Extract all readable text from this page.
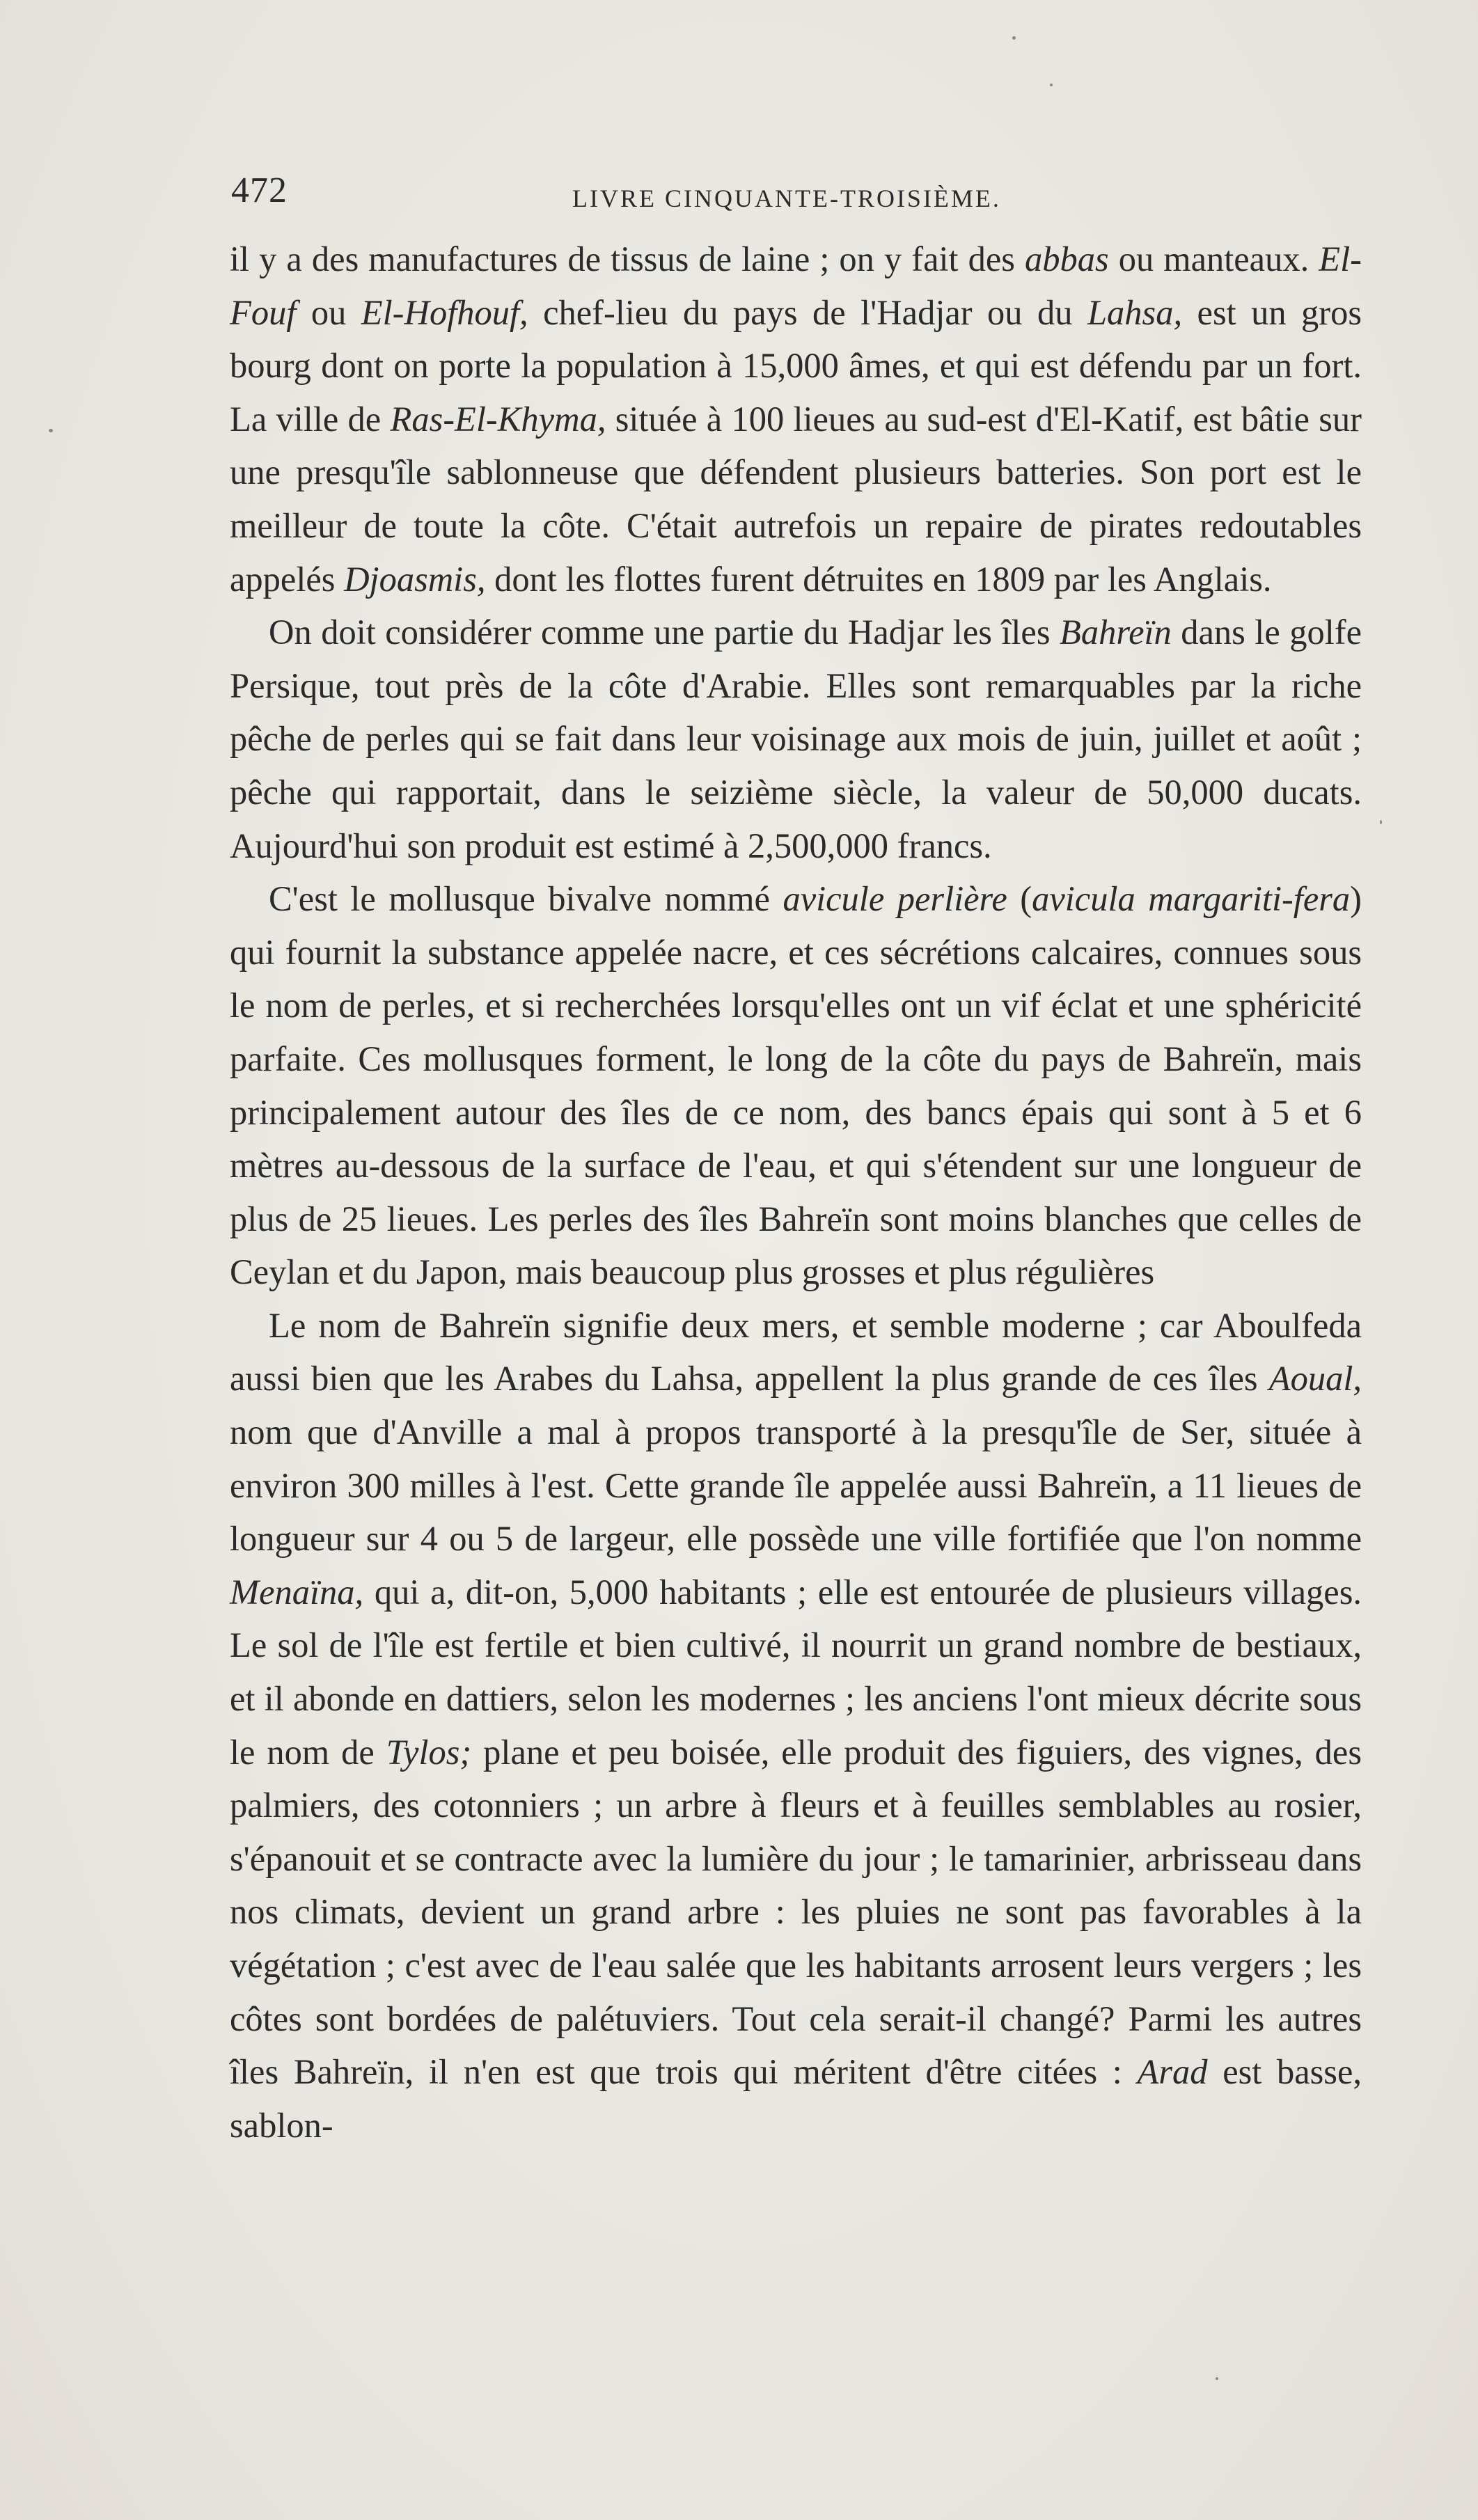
472	LIVRE CINQUANTE-TROISIÈME.

il y a des manufactures de tissus de laine ; on y fait des abbas ou manteaux. El-Fouf ou El-Hofhouf, chef-lieu du pays de l'Hadjar ou du Lahsa, est un gros bourg dont on porte la population à 15,000 âmes, et qui est défendu par un fort. La ville de Ras-El-Khyma, située à 100 lieues au sud-est d'El-Katif, est bâtie sur une presqu'île sablonneuse que défendent plusieurs batteries. Son port est le meilleur de toute la côte. C'était autrefois un repaire de pirates redoutables appelés Djoasmis, dont les flottes furent détruites en 1809 par les Anglais.

On doit considérer comme une partie du Hadjar les îles Bahreïn dans le golfe Persique, tout près de la côte d'Arabie. Elles sont remarquables par la riche pêche de perles qui se fait dans leur voisinage aux mois de juin, juillet et août ; pêche qui rapportait, dans le seizième siècle, la valeur de 50,000 ducats. Aujourd'hui son produit est estimé à 2,500,000 francs.

C'est le mollusque bivalve nommé avicule perlière (avicula margariti-fera) qui fournit la substance appelée nacre, et ces sécrétions calcaires, connues sous le nom de perles, et si recherchées lorsqu'elles ont un vif éclat et une sphéricité parfaite. Ces mollusques forment, le long de la côte du pays de Bahreïn, mais principalement autour des îles de ce nom, des bancs épais qui sont à 5 et 6 mètres au-dessous de la surface de l'eau, et qui s'étendent sur une longueur de plus de 25 lieues. Les perles des îles Bahreïn sont moins blanches que celles de Ceylan et du Japon, mais beaucoup plus grosses et plus régulières

Le nom de Bahreïn signifie deux mers, et semble moderne ; car Aboulfeda aussi bien que les Arabes du Lahsa, appellent la plus grande de ces îles Aoual, nom que d'Anville a mal à propos transporté à la presqu'île de Ser, située à environ 300 milles à l'est. Cette grande île appelée aussi Bahreïn, a 11 lieues de longueur sur 4 ou 5 de largeur, elle possède une ville fortifiée que l'on nomme Menaïna, qui a, dit-on, 5,000 habitants ; elle est entourée de plusieurs villages. Le sol de l'île est fertile et bien cultivé, il nourrit un grand nombre de bestiaux, et il abonde en dattiers, selon les modernes ; les anciens l'ont mieux décrite sous le nom de Tylos; plane et peu boisée, elle produit des figuiers, des vignes, des palmiers, des cotonniers ; un arbre à fleurs et à feuilles semblables au rosier, s'épanouit et se contracte avec la lumière du jour ; le tamarinier, arbrisseau dans nos climats, devient un grand arbre : les pluies ne sont pas favorables à la végétation ; c'est avec de l'eau salée que les habitants arrosent leurs vergers ; les côtes sont bordées de palétuviers. Tout cela serait-il changé? Parmi les autres îles Bahreïn, il n'en est que trois qui méritent d'être citées : Arad est basse, sablon-
